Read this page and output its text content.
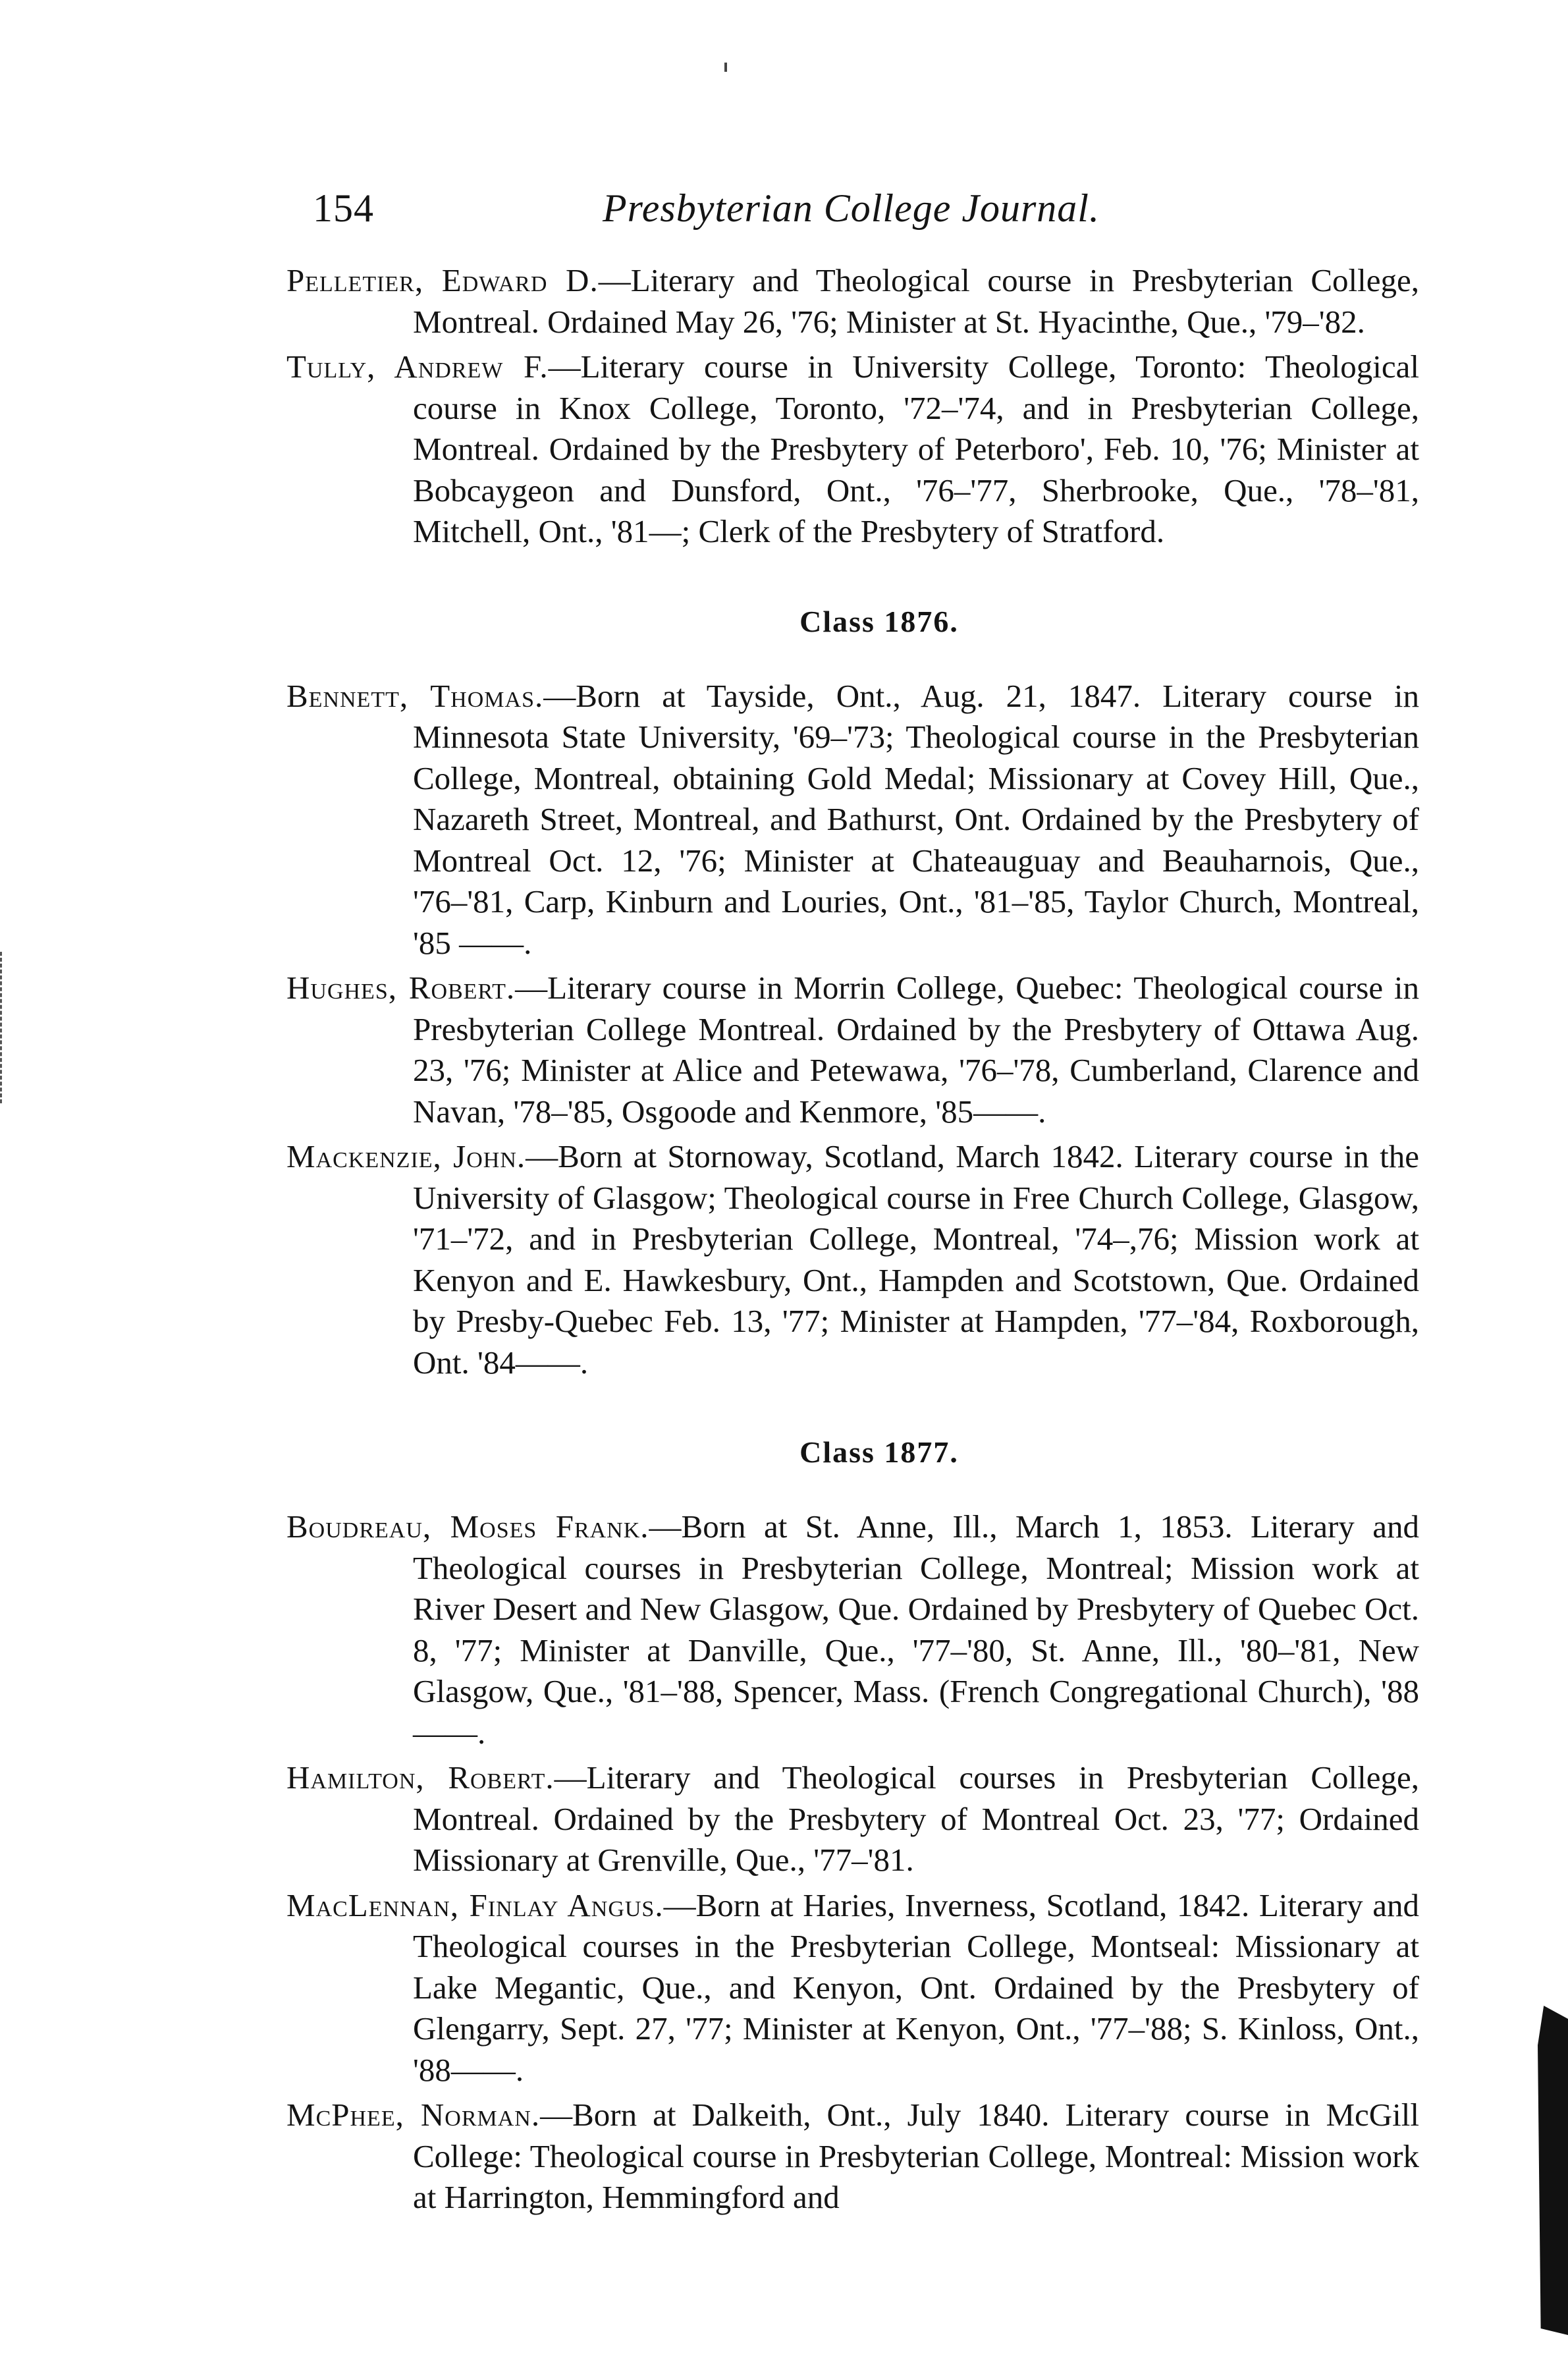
154	Presbyterian College Journal.

Pelletier, Edward D.—Literary and Theological course in Presbyterian College, Montreal. Ordained May 26, '76; Minister at St. Hyacinthe, Que., '79–'82.

Tully, Andrew F.—Literary course in University College, Toronto: Theological course in Knox College, Toronto, '72–'74, and in Presbyterian College, Montreal. Ordained by the Presbytery of Peterboro', Feb. 10, '76; Minister at Bobcaygeon and Dunsford, Ont., '76–'77, Sherbrooke, Que., '78–'81, Mitchell, Ont., '81—; Clerk of the Presbytery of Stratford.

Class 1876.

Bennett, Thomas.—Born at Tayside, Ont., Aug. 21, 1847. Literary course in Minnesota State University, '69–'73; Theological course in the Presbyterian College, Montreal, obtaining Gold Medal; Missionary at Covey Hill, Que., Nazareth Street, Montreal, and Bathurst, Ont. Ordained by the Presbytery of Montreal Oct. 12, '76; Minister at Chateauguay and Beauharnois, Que., '76–'81, Carp, Kinburn and Louries, Ont., '81–'85, Taylor Church, Montreal, '85 ——.

Hughes, Robert.—Literary course in Morrin College, Quebec: Theological course in Presbyterian College Montreal. Ordained by the Presbytery of Ottawa Aug. 23, '76; Minister at Alice and Petewawa, '76–'78, Cumberland, Clarence and Navan, '78–'85, Osgoode and Kenmore, '85——.

Mackenzie, John.—Born at Stornoway, Scotland, March 1842. Literary course in the University of Glasgow; Theological course in Free Church College, Glasgow, '71–'72, and in Presbyterian College, Montreal, '74–,76; Mission work at Kenyon and E. Hawkesbury, Ont., Hampden and Scotstown, Que. Ordained by Presby-Quebec Feb. 13, '77; Minister at Hampden, '77–'84, Roxborough, Ont. '84——.

Class 1877.

Boudreau, Moses Frank.—Born at St. Anne, Ill., March 1, 1853. Literary and Theological courses in Presbyterian College, Montreal; Mission work at River Desert and New Glasgow, Que. Ordained by Presbytery of Quebec Oct. 8, '77; Minister at Danville, Que., '77–'80, St. Anne, Ill., '80–'81, New Glasgow, Que., '81–'88, Spencer, Mass. (French Congregational Church), '88——.

Hamilton, Robert.—Literary and Theological courses in Presbyterian College, Montreal. Ordained by the Presbytery of Montreal Oct. 23, '77; Ordained Missionary at Grenville, Que., '77–'81.

MacLennan, Finlay Angus.—Born at Haries, Inverness, Scotland, 1842. Literary and Theological courses in the Presbyterian College, Montseal: Missionary at Lake Megantic, Que., and Kenyon, Ont. Ordained by the Presbytery of Glengarry, Sept. 27, '77; Minister at Kenyon, Ont., '77–'88; S. Kinloss, Ont., '88——.

McPhee, Norman.—Born at Dalkeith, Ont., July 1840. Literary course in McGill College: Theological course in Presbyterian College, Montreal: Mission work at Harrington, Hemmingford and
